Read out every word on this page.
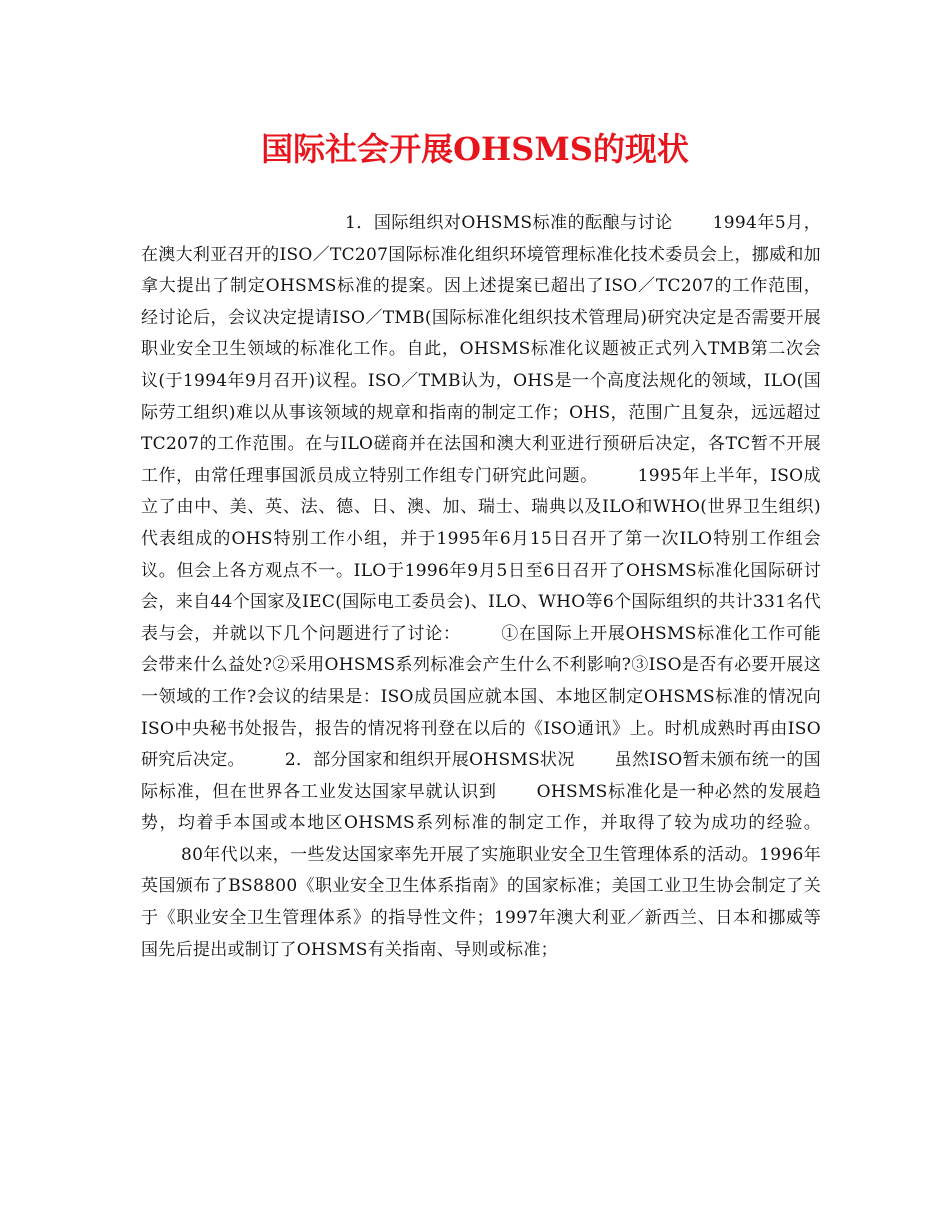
国际社会开展OHSMS的现状

1．国际组织对OHSMS标准的酝酿与讨论 1994年5月，在澳大利亚召开的ISO／TC207国际标准化组织环境管理标准化技术委员会上，挪威和加拿大提出了制定OHSMS标准的提案。因上述提案已超出了ISO／TC207的工作范围，经讨论后，会议决定提请ISO／TMB(国际标准化组织技术管理局)研究决定是否需要开展职业安全卫生领域的标准化工作。自此，OHSMS标准化议题被正式列入TMB第二次会议(于1994年9月召开)议程。ISO／TMB认为，OHS是一个高度法规化的领域，ILO(国际劳工组织)难以从事该领域的规章和指南的制定工作；OHS，范围广且复杂，远远超过TC207的工作范围。在与ILO磋商并在法国和澳大利亚进行预研后决定，各TC暂不开展工作，由常任理事国派员成立特别工作组专门研究此问题。 1995年上半年，ISO成立了由中、美、英、法、德、日、澳、加、瑞士、瑞典以及ILO和WHO(世界卫生组织)代表组成的OHS特别工作小组，并于1995年6月15日召开了第一次ILO特别工作组会议。但会上各方观点不一。ILO于1996年9月5日至6日召开了OHSMS标准化国际研讨会，来自44个国家及IEC(国际电工委员会)、ILO、WHO等6个国际组织的共计331名代表与会，并就以下几个问题进行了讨论： ①在国际上开展OHSMS标准化工作可能会带来什么益处?②采用OHSMS系列标准会产生什么不利影响?③ISO是否有必要开展这一领域的工作?会议的结果是：ISO成员国应就本国、本地区制定OHSMS标准的情况向ISO中央秘书处报告，报告的情况将刊登在以后的《ISO通讯》上。时机成熟时再由ISO研究后决定。 2．部分国家和组织开展OHSMS状况 虽然ISO暂未颁布统一的国际标准，但在世界各工业发达国家早就认识到 OHSMS标准化是一种必然的发展趋势，均着手本国或本地区OHSMS系列标准的制定工作，并取得了较为成功的经验。80年代以来，一些发达国家率先开展了实施职业安全卫生管理体系的活动。1996年英国颁布了BS8800《职业安全卫生体系指南》的国家标准；美国工业卫生协会制定了关于《职业安全卫生管理体系》的指导性文件；1997年澳大利亚／新西兰、日本和挪威等国先后提出或制订了OHSMS有关指南、导则或标准；
